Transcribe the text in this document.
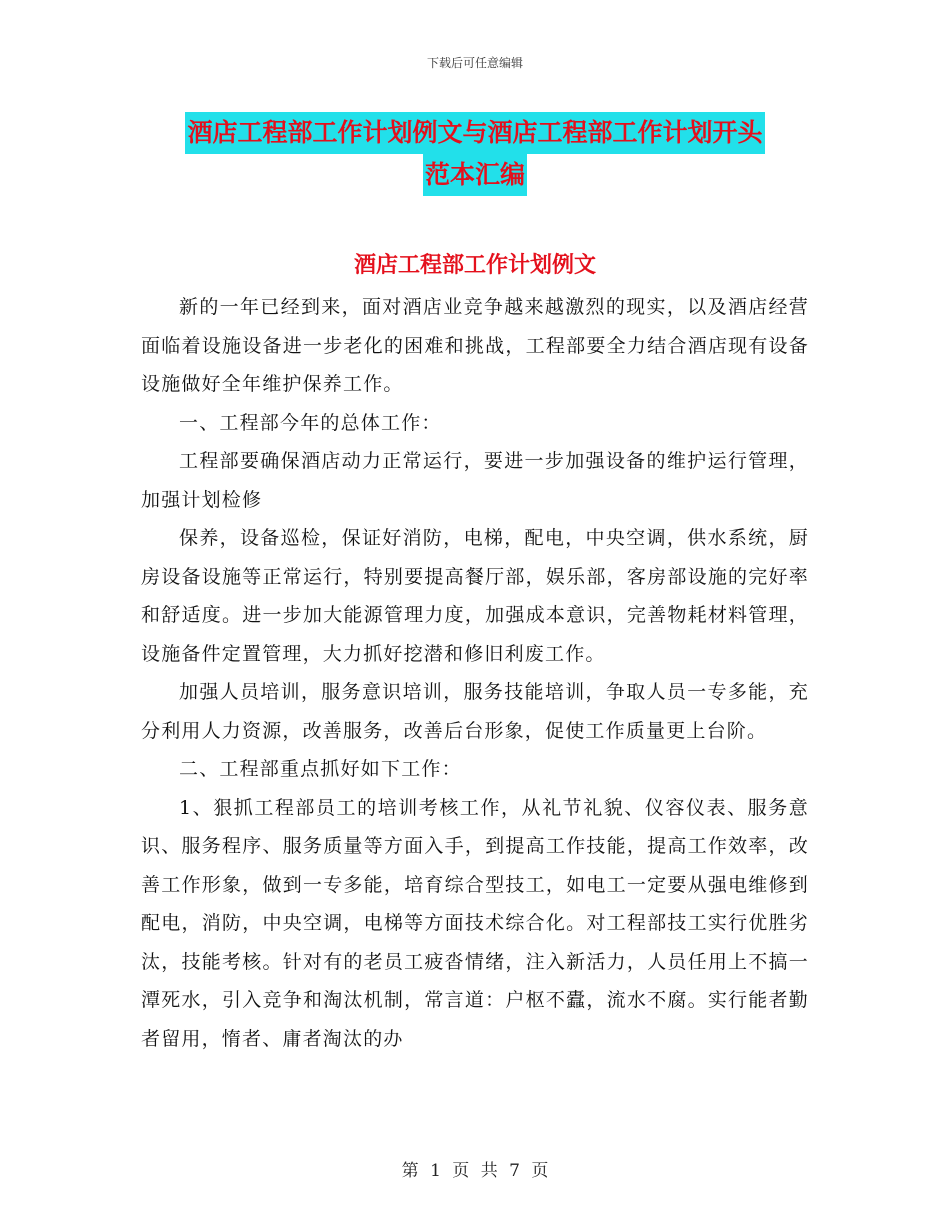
下载后可任意编辑
酒店工程部工作计划例文与酒店工程部工作计划开头
范本汇编
酒店工程部工作计划例文

新的一年已经到来，面对酒店业竞争越来越激烈的现实，以及酒店经营面临着设施设备进一步老化的困难和挑战，工程部要全力结合酒店现有设备设施做好全年维护保养工作。

一、工程部今年的总体工作：

工程部要确保酒店动力正常运行，要进一步加强设备的维护运行管理，加强计划检修

保养，设备巡检，保证好消防，电梯，配电，中央空调，供水系统，厨房设备设施等正常运行，特别要提高餐厅部，娱乐部，客房部设施的完好率和舒适度。进一步加大能源管理力度，加强成本意识，完善物耗材料管理，设施备件定置管理，大力抓好挖潜和修旧利废工作。

加强人员培训，服务意识培训，服务技能培训，争取人员一专多能，充分利用人力资源，改善服务，改善后台形象，促使工作质量更上台阶。

二、工程部重点抓好如下工作：

1、狠抓工程部员工的培训考核工作，从礼节礼貌、仪容仪表、服务意识、服务程序、服务质量等方面入手，到提高工作技能，提高工作效率，改善工作形象，做到一专多能，培育综合型技工，如电工一定要从强电维修到配电，消防，中央空调，电梯等方面技术综合化。对工程部技工实行优胜劣汰，技能考核。针对有的老员工疲沓情绪，注入新活力，人员任用上不搞一潭死水，引入竞争和淘汰机制，常言道：户枢不蠹，流水不腐。实行能者勤者留用，惰者、庸者淘汰的办

第 1 页 共 7 页
